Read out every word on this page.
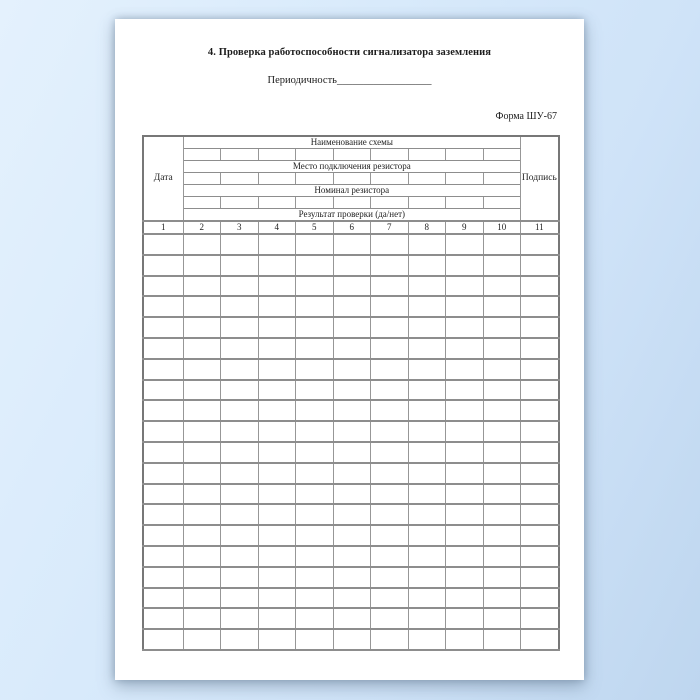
4. Проверка работоспособности сигнализатора заземления
Периодичность__________________
Форма ШУ-67
Дата	Наименование схемы									Подпись

	Место подключения резистора									

	Номинал резистора									

	Результат проверки (да/нет)									
1	2	3	4	5	6	7	8	9	10	11
